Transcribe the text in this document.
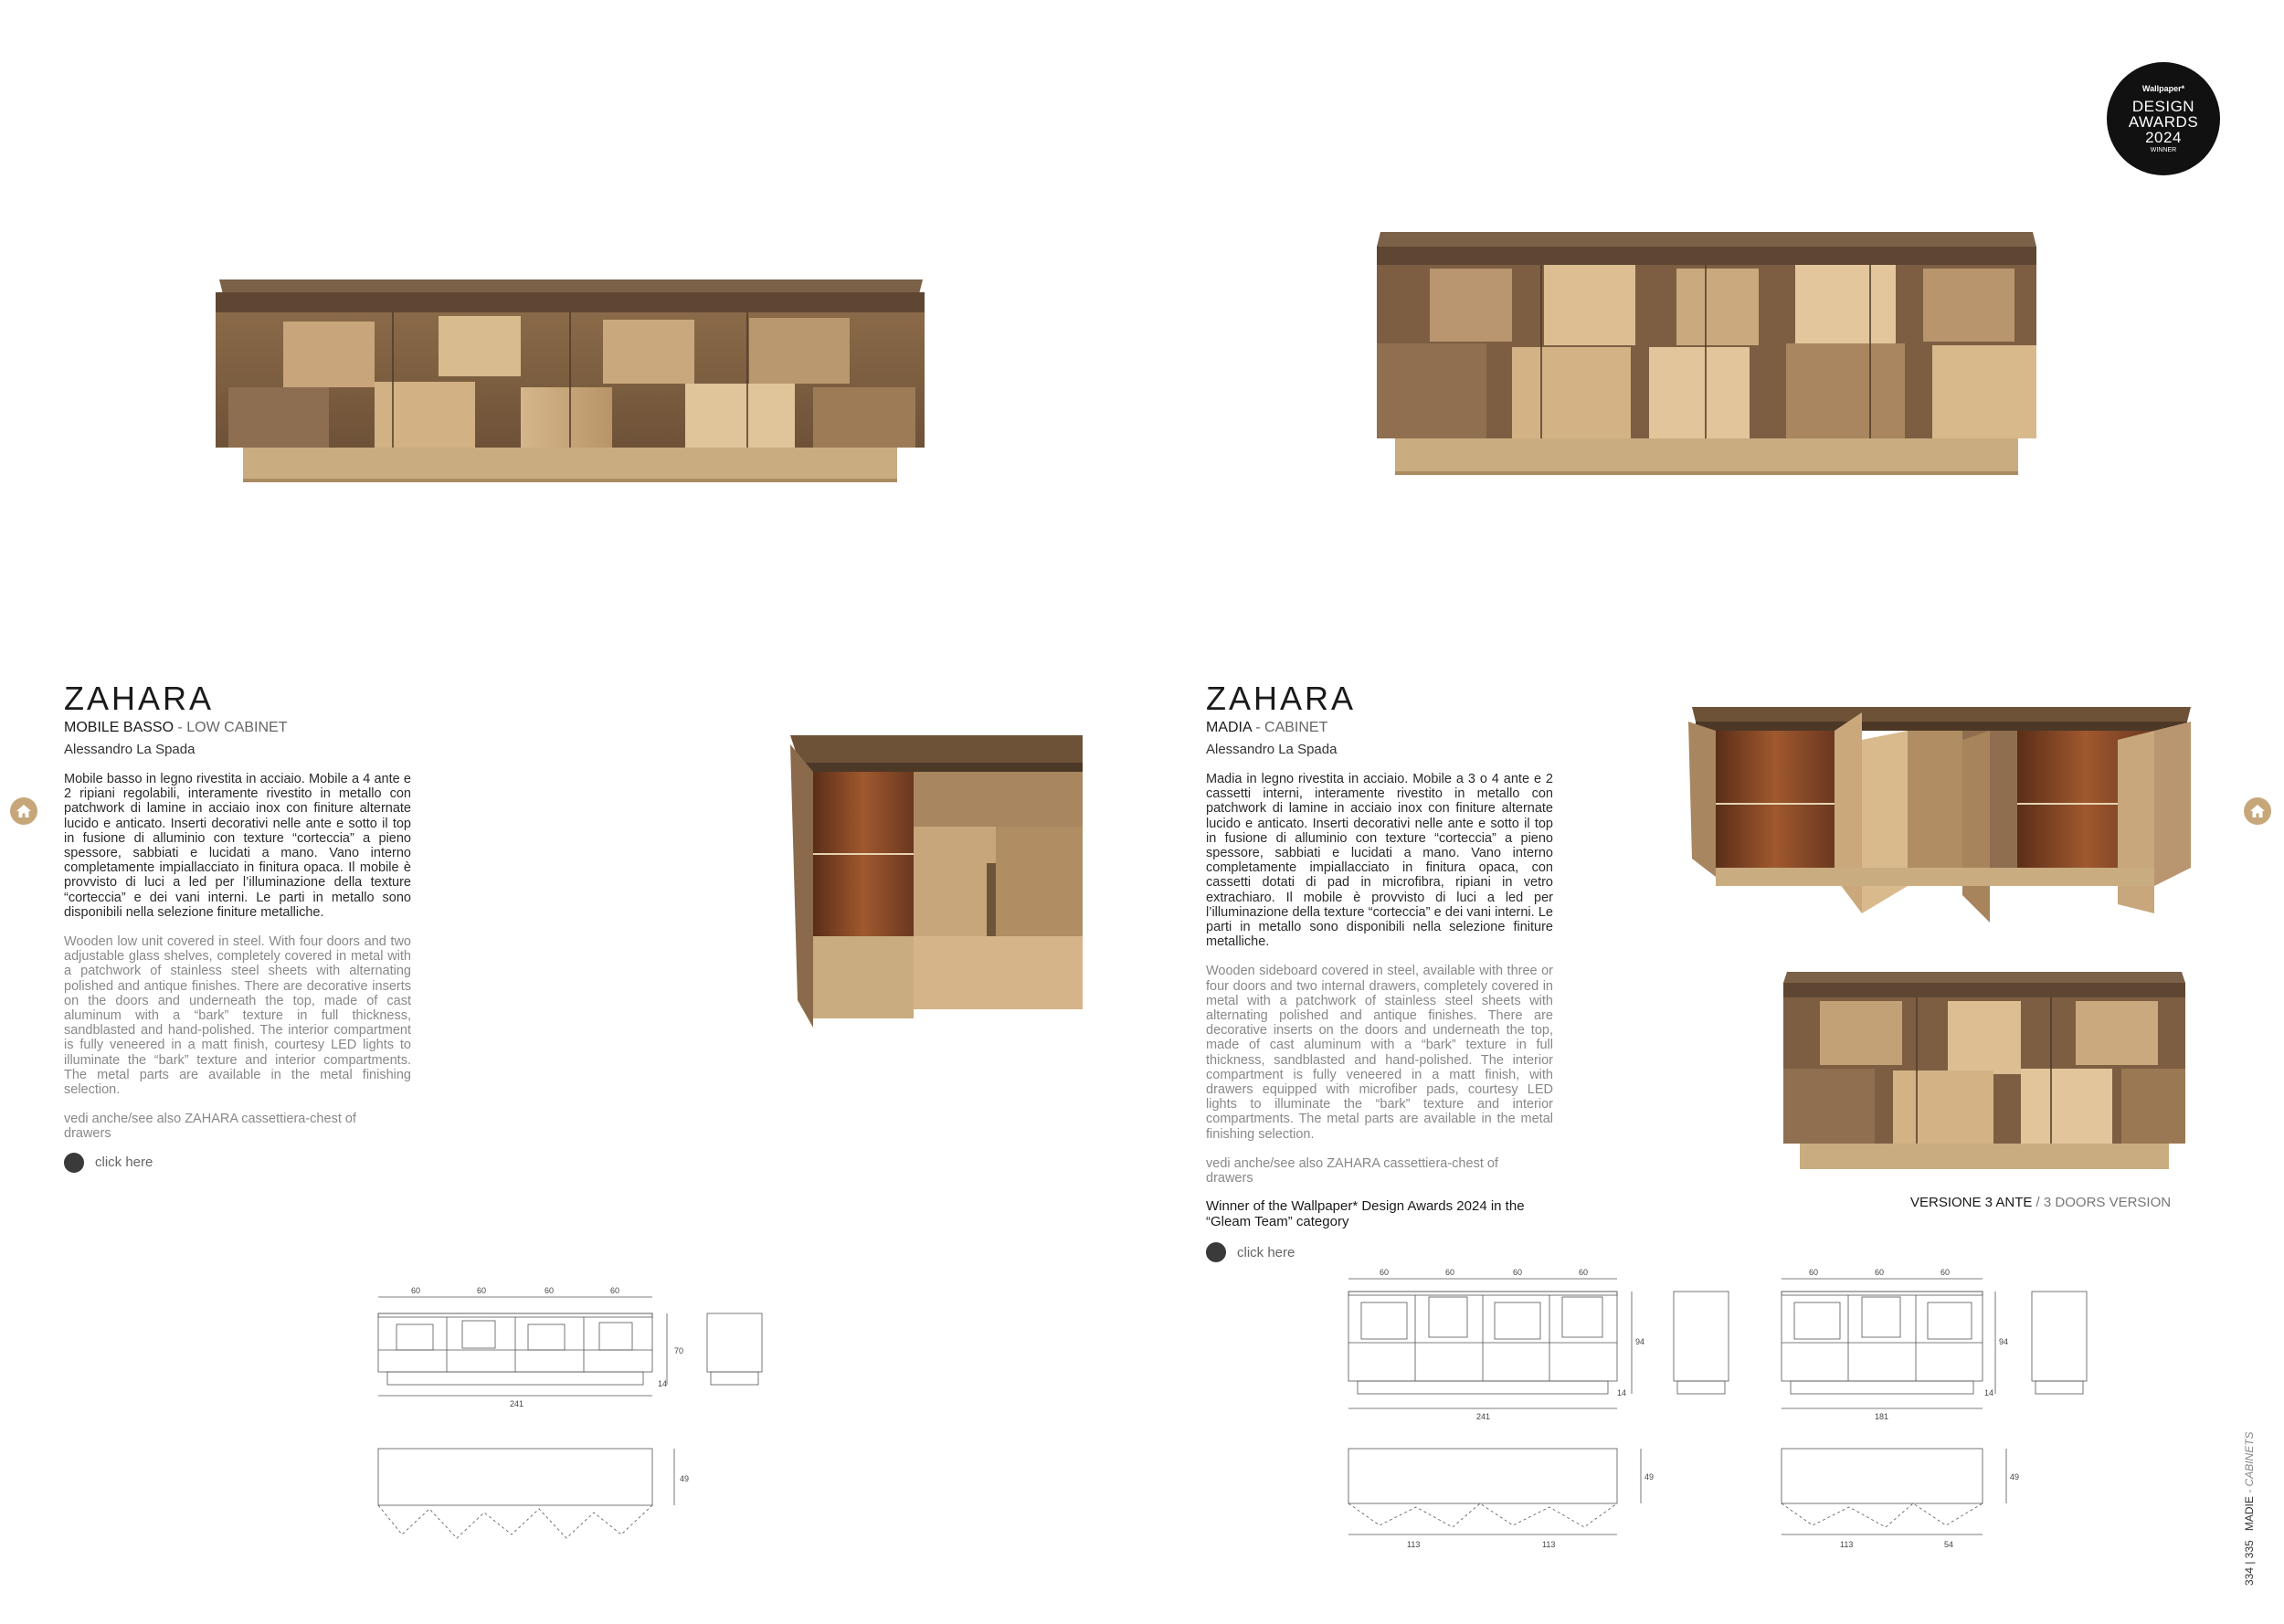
Wallpaper*
DESIGN
AWARDS
2024
WINNER
ZAHARA
MOBILE BASSO - LOW CABINET
Alessandro La Spada

Mobile basso in legno rivestita in acciaio. Mobile a 4 ante e 2 ripiani regolabili, interamente rivestito in metallo con patchwork di lamine in acciaio inox con finiture alternate lucido e anticato. Inserti decorativi nelle ante e sotto il top in fusione di alluminio con texture “corteccia” a pieno spessore, sabbiati e lucidati a mano. Vano interno completamente impiallacciato in finitura opaca. Il mobile è provvisto di luci a led per l’illuminazione della texture “corteccia” e dei vani interni. Le parti in metallo sono disponibili nella selezione finiture metalliche.

Wooden low unit covered in steel. With four doors and two adjustable glass shelves, completely covered in metal with a patchwork of stainless steel sheets with alternating polished and antique finishes. There are decorative inserts on the doors and underneath the top, made of cast aluminum with a “bark” texture in full thickness, sandblasted and hand-polished. The interior compartment is fully veneered in a matt finish, courtesy LED lights to illuminate the “bark” texture and interior compartments. The metal parts are available in the metal finishing selection.

vedi anche/see also ZAHARA cassettiera-chest of drawers

click here
ZAHARA
MADIA - CABINET
Alessandro La Spada

Madia in legno rivestita in acciaio. Mobile a 3 o 4 ante e 2 cassetti interni, interamente rivestito in metallo con patchwork di lamine in acciaio inox con finiture alternate lucido e anticato. Inserti decorativi nelle ante e sotto il top in fusione di alluminio con texture “corteccia” a pieno spessore, sabbiati e lucidati a mano. Vano interno completamente impiallacciato in finitura opaca, con cassetti dotati di pad in microfibra, ripiani in vetro extrachiaro. Il mobile è provvisto di luci a led per l’illuminazione della texture “corteccia” e dei vani interni. Le parti in metallo sono disponibili nella selezione finiture metalliche.

Wooden sideboard covered in steel, available with three or four doors and two internal drawers, completely covered in metal with a patchwork of stainless steel sheets with alternating polished and antique finishes. There are decorative inserts on the doors and underneath the top, made of cast aluminum with a “bark” texture in full thickness, sandblasted and hand-polished. The interior compartment is fully veneered in a matt finish, with drawers equipped with microfiber pads, courtesy LED lights to illuminate the “bark” texture and interior compartments. The metal parts are available in the metal finishing selection.

vedi anche/see also ZAHARA cassettiera-chest of drawers

Winner of the Wallpaper* Design Awards 2024 in the “Gleam Team” category

click here
VERSIONE 3 ANTE / 3 DOORS VERSION
60	60	60	60
241
70
14
49
60	60	60	60
241
94
14
113	113
49
60	60	60
181
94
14
113	54
49
334 | 335   MADIE - CABINETS
